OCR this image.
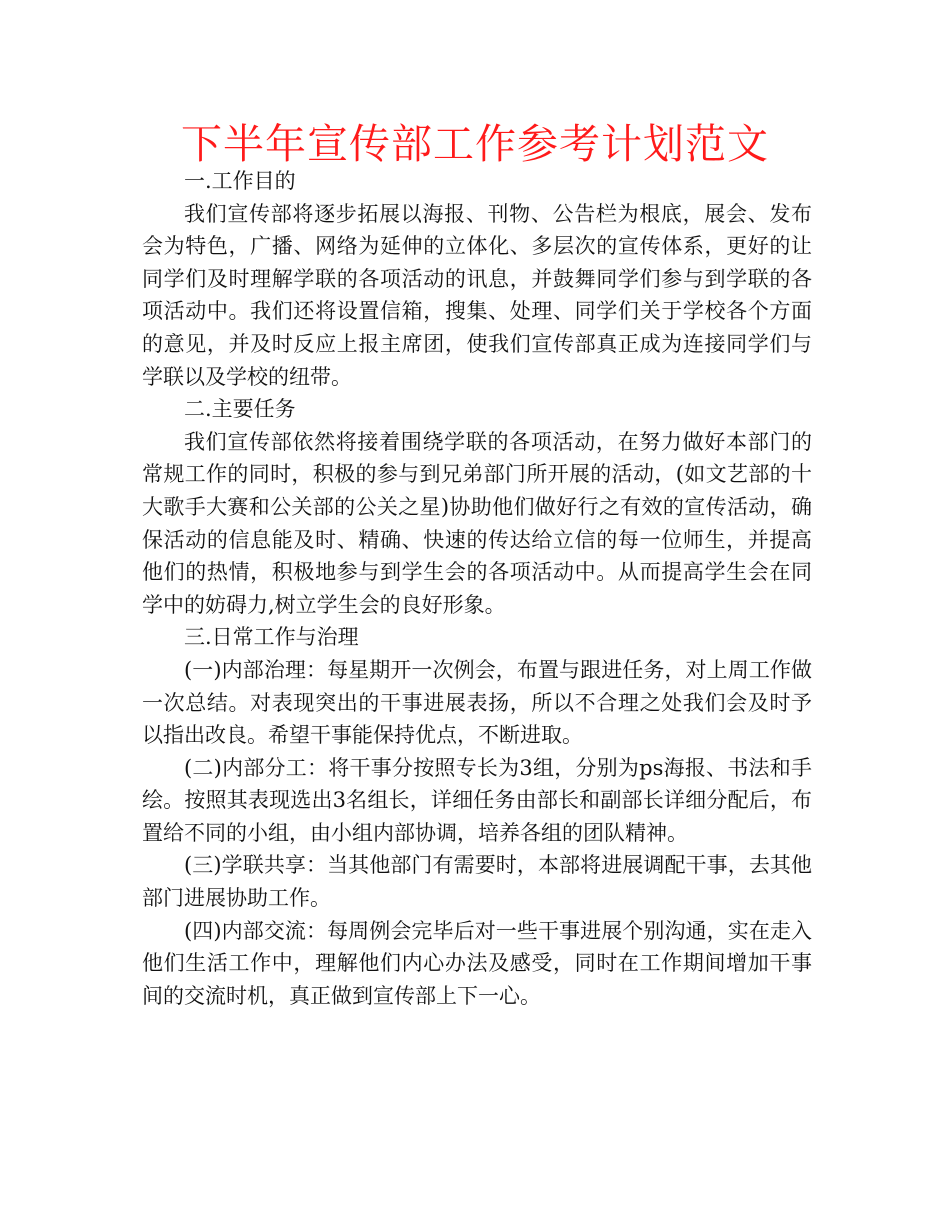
下半年宣传部工作参考计划范文

一.工作目的

我们宣传部将逐步拓展以海报、刊物、公告栏为根底，展会、发布会为特色，广播、网络为延伸的立体化、多层次的宣传体系，更好的让同学们及时理解学联的各项活动的讯息，并鼓舞同学们参与到学联的各项活动中。我们还将设置信箱，搜集、处理、同学们关于学校各个方面的意见，并及时反应上报主席团，使我们宣传部真正成为连接同学们与学联以及学校的纽带。

二.主要任务

我们宣传部依然将接着围绕学联的各项活动，在努力做好本部门的常规工作的同时，积极的参与到兄弟部门所开展的活动，(如文艺部的十大歌手大赛和公关部的公关之星)协助他们做好行之有效的宣传活动，确保活动的信息能及时、精确、快速的传达给立信的每一位师生，并提高他们的热情，积极地参与到学生会的各项活动中。从而提高学生会在同学中的妨碍力,树立学生会的良好形象。

三.日常工作与治理

(一)内部治理：每星期开一次例会，布置与跟进任务，对上周工作做一次总结。对表现突出的干事进展表扬，所以不合理之处我们会及时予以指出改良。希望干事能保持优点，不断进取。

(二)内部分工：将干事分按照专长为3组，分别为ps海报、书法和手绘。按照其表现选出3名组长，详细任务由部长和副部长详细分配后，布置给不同的小组，由小组内部协调，培养各组的团队精神。

(三)学联共享：当其他部门有需要时，本部将进展调配干事，去其他部门进展协助工作。

(四)内部交流：每周例会完毕后对一些干事进展个别沟通，实在走入他们生活工作中，理解他们内心办法及感受，同时在工作期间增加干事间的交流时机，真正做到宣传部上下一心。
